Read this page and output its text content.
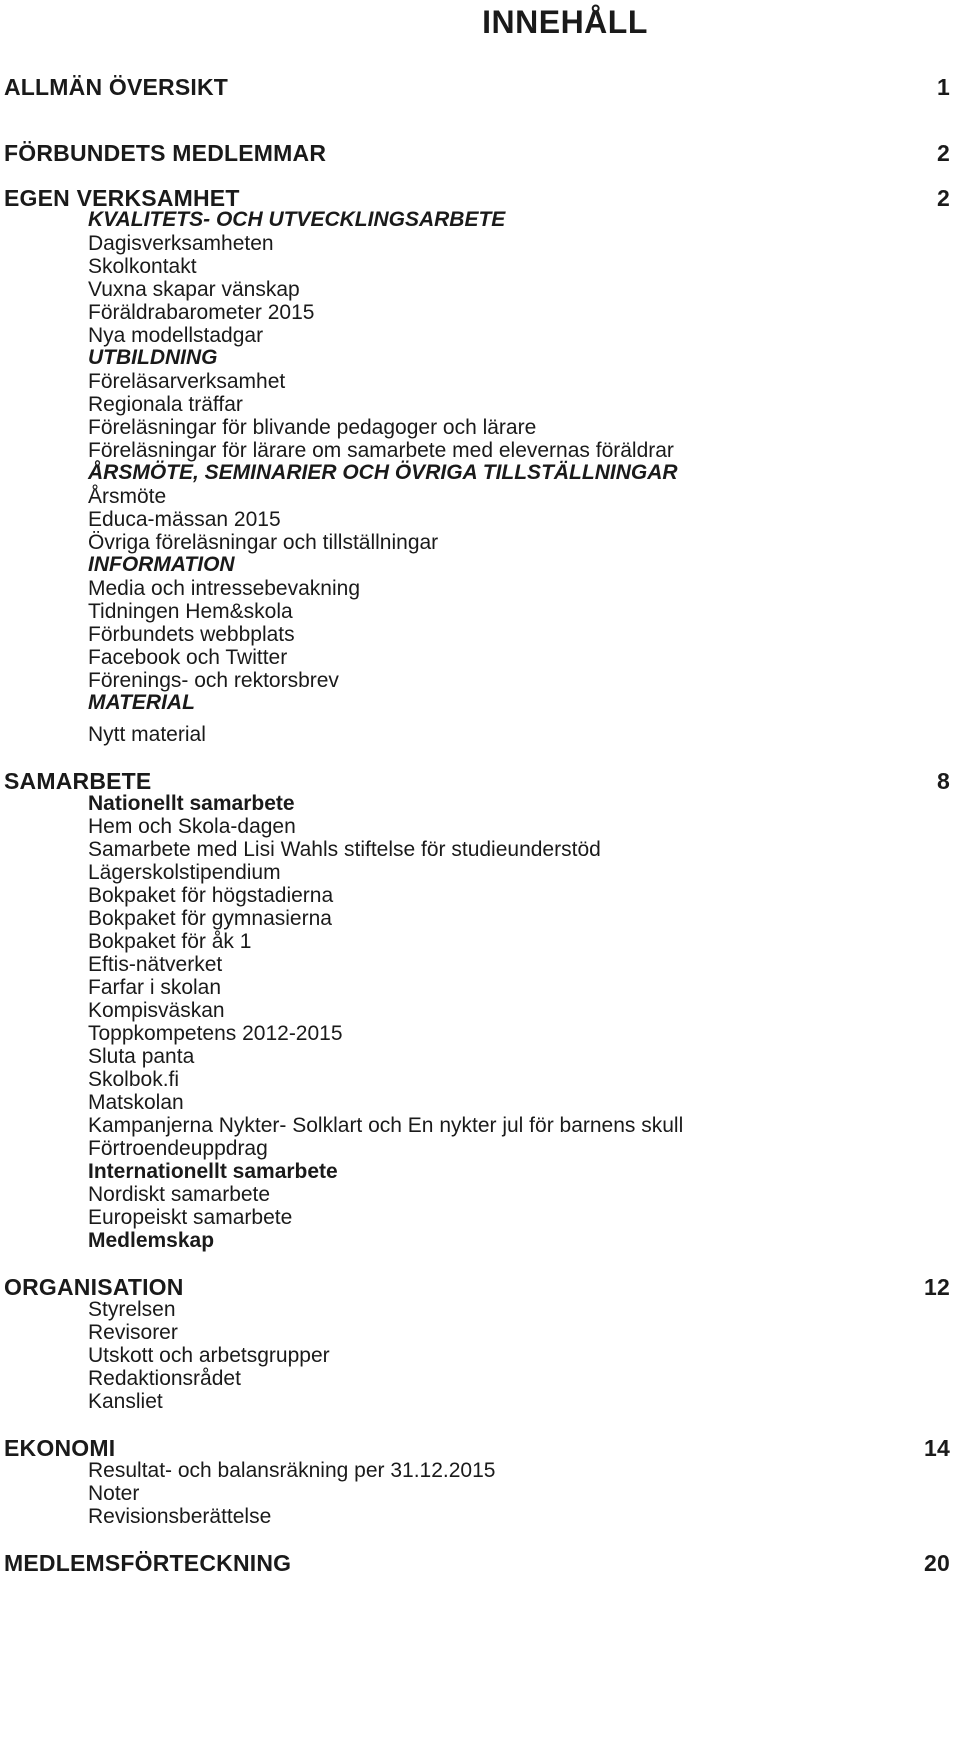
INNEHÅLL
ALLMÄN ÖVERSIKT	1
FÖRBUNDETS MEDLEMMAR	2
EGEN VERKSAMHET	2
KVALITETS- OCH UTVECKLINGSARBETE
Dagisverksamheten
Skolkontakt
Vuxna skapar vänskap
Föräldrabarometer 2015
Nya modellstadgar
UTBILDNING
Föreläsarverksamhet
Regionala träffar
Föreläsningar för blivande pedagoger och lärare
Föreläsningar för lärare om samarbete med elevernas föräldrar
ÅRSMÖTE, SEMINARIER OCH ÖVRIGA TILLSTÄLLNINGAR
Årsmöte
Educa-mässan 2015
Övriga föreläsningar och tillställningar
INFORMATION
Media och intressebevakning
Tidningen Hem&skola
Förbundets webbplats
Facebook och Twitter
Förenings- och rektorsbrev
MATERIAL
Nytt material
SAMARBETE	8
Nationellt samarbete
Hem och Skola-dagen
Samarbete med Lisi Wahls stiftelse för studieunderstöd
Lägerskolstipendium
Bokpaket för högstadierna
Bokpaket för gymnasierna
Bokpaket för åk 1
Eftis-nätverket
Farfar i skolan
Kompisväskan
Toppkompetens 2012-2015
Sluta panta
Skolbok.fi
Matskolan
Kampanjerna Nykter- Solklart och En nykter jul för barnens skull
Förtroendeuppdrag
Internationellt samarbete
Nordiskt samarbete
Europeiskt samarbete
Medlemskap
ORGANISATION	12
Styrelsen
Revisorer
Utskott och arbetsgrupper
Redaktionsrådet
Kansliet
EKONOMI	14
Resultat- och balansräkning per 31.12.2015
Noter
Revisionsberättelse
MEDLEMSFÖRTECKNING	20
